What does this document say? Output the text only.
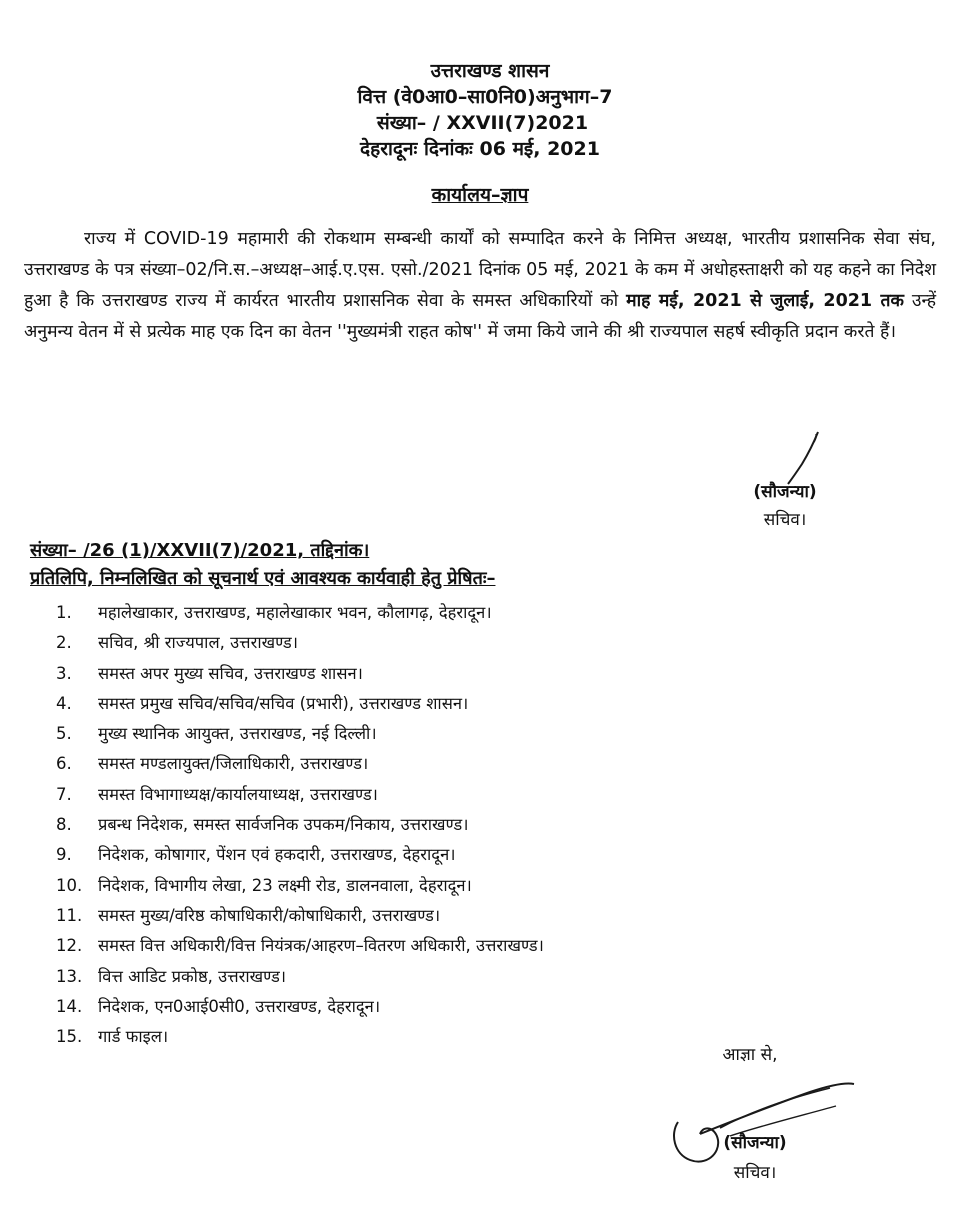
उत्तराखण्ड शासन
वित्त (वे0आ0–सा0नि0)अनुभाग–7
संख्या– / XXVII(7)2021
देहरादूनः दिनांकः 06 मई, 2021
कार्यालय–ज्ञाप
राज्य में COVID-19 महामारी की रोकथाम सम्बन्धी कार्यों को सम्पादित करने के निमित्त अध्यक्ष, भारतीय प्रशासनिक सेवा संघ, उत्तराखण्ड के पत्र संख्या–02/नि.स.–अध्यक्ष–आई.ए.एस. एसो./2021 दिनांक 05 मई, 2021 के कम में अधोहस्ताक्षरी को यह कहने का निदेश हुआ है कि उत्तराखण्ड राज्य में कार्यरत भारतीय प्रशासनिक सेवा के समस्त अधिकारियों को माह मई, 2021 से जुलाई, 2021 तक उन्हें अनुमन्य वेतन में से प्रत्येक माह एक दिन का वेतन ''मुख्यमंत्री राहत कोष'' में जमा किये जाने की श्री राज्यपाल सहर्ष स्वीकृति प्रदान करते हैं।
(सौजन्या)
सचिव।
संख्या– /26 (1)/XXVII(7)/2021, तद्दिनांक।
प्रतिलिपि, निम्नलिखित को सूचनार्थ एवं आवश्यक कार्यवाही हेतु प्रेषितः–
1. महालेखाकार, उत्तराखण्ड, महालेखाकार भवन, कौलागढ़, देहरादून।
2. सचिव, श्री राज्यपाल, उत्तराखण्ड।
3. समस्त अपर मुख्य सचिव, उत्तराखण्ड शासन।
4. समस्त प्रमुख सचिव/सचिव/सचिव (प्रभारी), उत्तराखण्ड शासन।
5. मुख्य स्थानिक आयुक्त, उत्तराखण्ड, नई दिल्ली।
6. समस्त मण्डलायुक्त/जिलाधिकारी, उत्तराखण्ड।
7. समस्त विभागाध्यक्ष/कार्यालयाध्यक्ष, उत्तराखण्ड।
8. प्रबन्ध निदेशक, समस्त सार्वजनिक उपकम/निकाय, उत्तराखण्ड।
9. निदेशक, कोषागार, पेंशन एवं हकदारी, उत्तराखण्ड, देहरादून।
10. निदेशक, विभागीय लेखा, 23 लक्ष्मी रोड, डालनवाला, देहरादून।
11. समस्त मुख्य/वरिष्ठ कोषाधिकारी/कोषाधिकारी, उत्तराखण्ड।
12. समस्त वित्त अधिकारी/वित्त नियंत्रक/आहरण–वितरण अधिकारी, उत्तराखण्ड।
13. वित्त आडिट प्रकोष्ठ, उत्तराखण्ड।
14. निदेशक, एन0आई0सी0, उत्तराखण्ड, देहरादून।
15. गार्ड फाइल।
आज्ञा से,
(सौजन्या)
सचिव।
